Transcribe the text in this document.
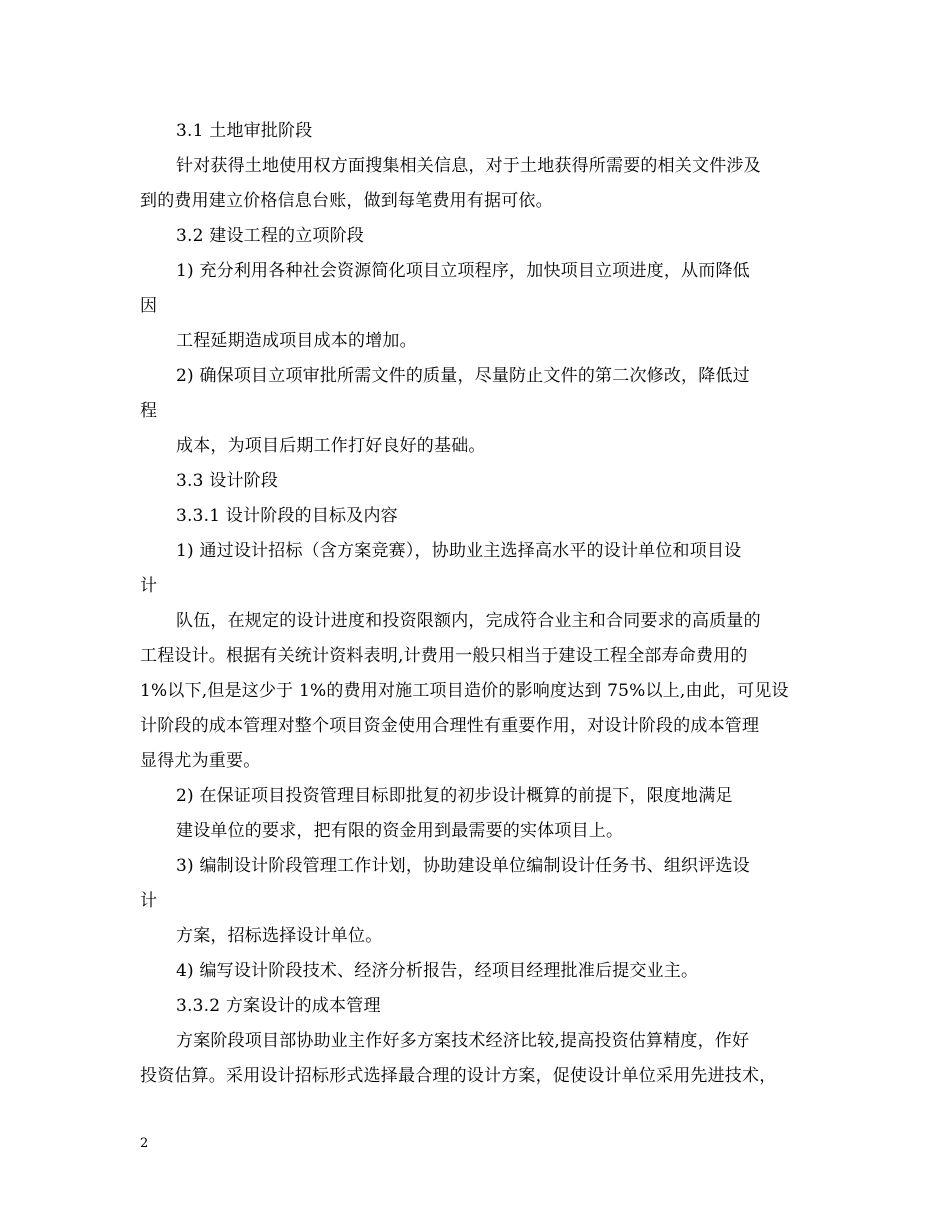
3.1 土地审批阶段
针对获得土地使用权方面搜集相关信息，对于土地获得所需要的相关文件涉及
到的费用建立价格信息台账，做到每笔费用有据可依。
3.2 建设工程的立项阶段
1) 充分利用各种社会资源简化项目立项程序，加快项目立项进度，从而降低
因
工程延期造成项目成本的增加。
2) 确保项目立项审批所需文件的质量，尽量防止文件的第二次修改，降低过
程
成本，为项目后期工作打好良好的基础。
3.3 设计阶段
3.3.1 设计阶段的目标及内容
1) 通过设计招标（含方案竞赛），协助业主选择高水平的设计单位和项目设
计
队伍，在规定的设计进度和投资限额内，完成符合业主和合同要求的高质量的
工程设计。根据有关统计资料表明,计费用一般只相当于建设工程全部寿命费用的
1%以下,但是这少于 1%的费用对施工项目造价的影响度达到 75%以上,由此，可见设
计阶段的成本管理对整个项目资金使用合理性有重要作用，对设计阶段的成本管理
显得尤为重要。
2) 在保证项目投资管理目标即批复的初步设计概算的前提下，限度地满足
建设单位的要求，把有限的资金用到最需要的实体项目上。
3) 编制设计阶段管理工作计划，协助建设单位编制设计任务书、组织评选设
计
方案，招标选择设计单位。
4) 编写设计阶段技术、经济分析报告，经项目经理批准后提交业主。
3.3.2 方案设计的成本管理
方案阶段项目部协助业主作好多方案技术经济比较,提高投资估算精度，作好
投资估算。采用设计招标形式选择最合理的设计方案，促使设计单位采用先进技术，
2
